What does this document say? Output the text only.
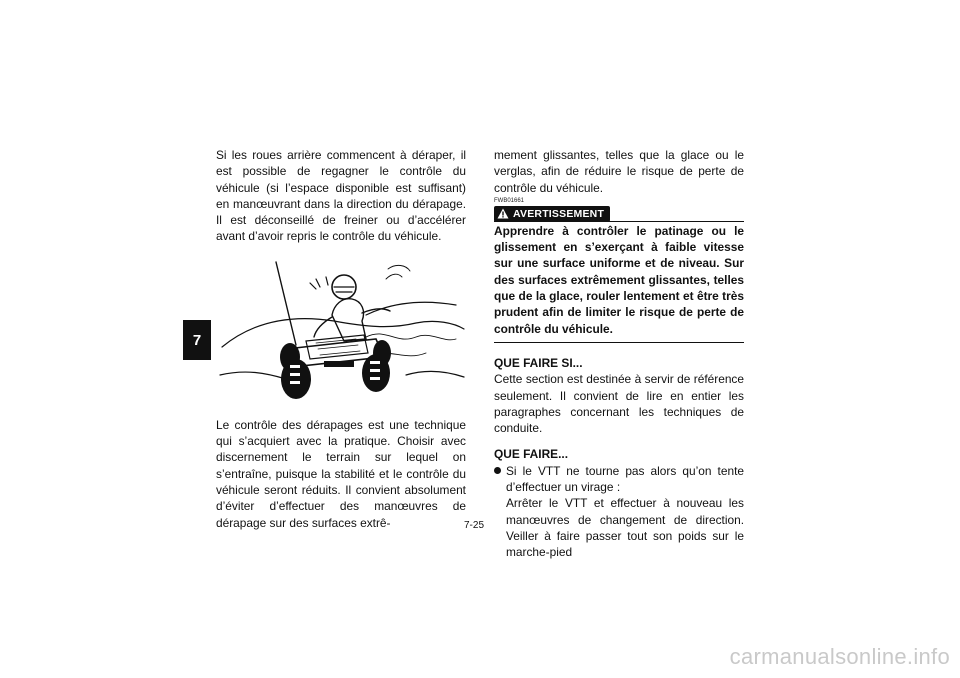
7

Si les roues arrière commencent à déraper, il est possible de regagner le contrôle du véhicule (si l’espace disponible est suffisant) en manœuvrant dans la direction du dérapage. Il est déconseillé de freiner ou d’accélérer avant d’avoir repris le contrôle du véhicule.

Le contrôle des dérapages est une technique qui s’acquiert avec la pratique. Choisir avec discernement le terrain sur lequel on s’entraîne, puisque la stabilité et le contrôle du véhicule seront réduits. Il convient absolument d’éviter d’effectuer des manœuvres de dérapage sur des surfaces extrê-

mement glissantes, telles que la glace ou le verglas, afin de réduire le risque de perte de contrôle du véhicule.

FWB01661
AVERTISSEMENT

Apprendre à contrôler le patinage ou le glissement en s’exerçant à faible vitesse sur une surface uniforme et de niveau. Sur des surfaces extrêmement glissantes, telles que de la glace, rouler lentement et être très prudent afin de limiter le risque de perte de contrôle du véhicule.

QUE FAIRE SI...

Cette section est destinée à servir de référence seulement. Il convient de lire en entier les paragraphes concernant les techniques de conduite.

QUE FAIRE...

Si le VTT ne tourne pas alors qu’on tente d’effectuer un virage :

Arrêter le VTT et effectuer à nouveau les manœuvres de changement de direction. Veiller à faire passer tout son poids sur le marche-pied

7-25
carmanualsonline.info
